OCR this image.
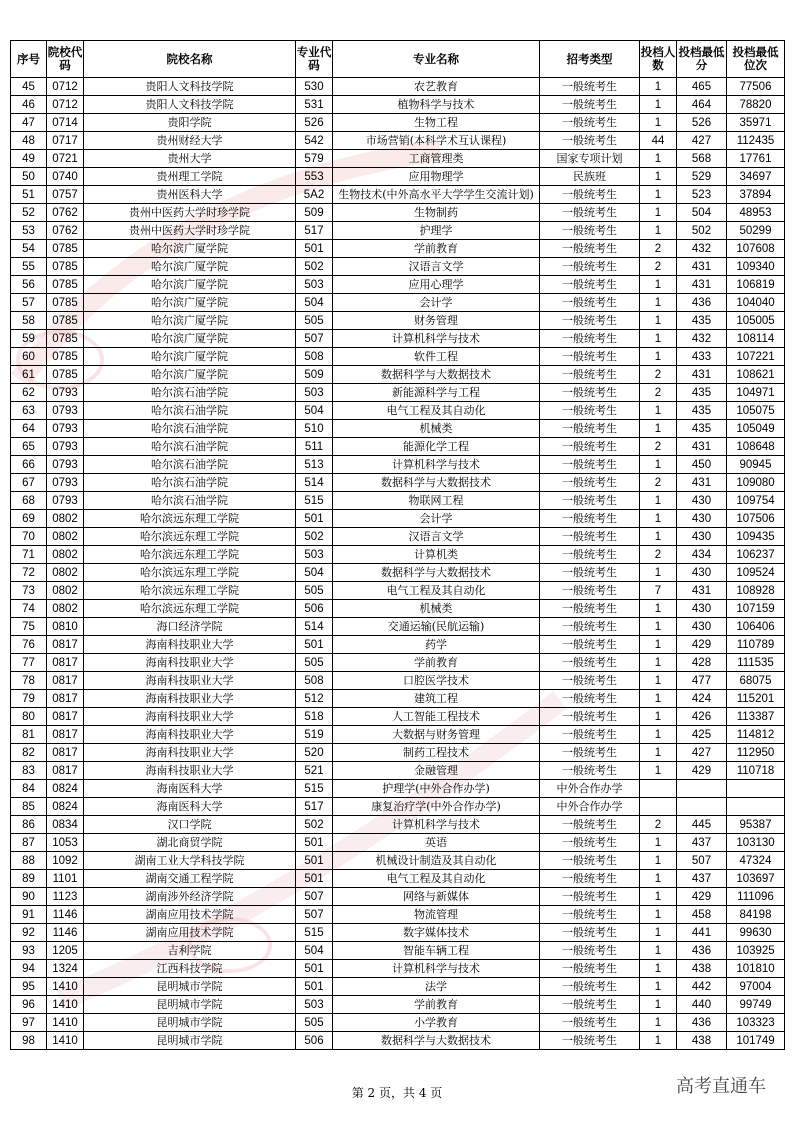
序号	院校代码	院校名称	专业代码	专业名称	招考类型	投档人数	投档最低分	投档最低位次
45	0712	贵阳人文科技学院	530	农艺教育	一般统考生	1	465	77506
46	0712	贵阳人文科技学院	531	植物科学与技术	一般统考生	1	464	78820
47	0714	贵阳学院	526	生物工程	一般统考生	1	526	35971
48	0717	贵州财经大学	542	市场营销(本科学术互认课程)	一般统考生	44	427	112435
49	0721	贵州大学	579	工商管理类	国家专项计划	1	568	17761
50	0740	贵州理工学院	553	应用物理学	民族班	1	529	34697
51	0757	贵州医科大学	5A2	生物技术(中外高水平大学学生交流计划)	一般统考生	1	523	37894
52	0762	贵州中医药大学时珍学院	509	生物制药	一般统考生	1	504	48953
53	0762	贵州中医药大学时珍学院	517	护理学	一般统考生	1	502	50299
54	0785	哈尔滨广厦学院	501	学前教育	一般统考生	2	432	107608
55	0785	哈尔滨广厦学院	502	汉语言文学	一般统考生	2	431	109340
56	0785	哈尔滨广厦学院	503	应用心理学	一般统考生	1	431	106819
57	0785	哈尔滨广厦学院	504	会计学	一般统考生	1	436	104040
58	0785	哈尔滨广厦学院	505	财务管理	一般统考生	1	435	105005
59	0785	哈尔滨广厦学院	507	计算机科学与技术	一般统考生	1	432	108114
60	0785	哈尔滨广厦学院	508	软件工程	一般统考生	1	433	107221
61	0785	哈尔滨广厦学院	509	数据科学与大数据技术	一般统考生	2	431	108621
62	0793	哈尔滨石油学院	503	新能源科学与工程	一般统考生	2	435	104971
63	0793	哈尔滨石油学院	504	电气工程及其自动化	一般统考生	1	435	105075
64	0793	哈尔滨石油学院	510	机械类	一般统考生	1	435	105049
65	0793	哈尔滨石油学院	511	能源化学工程	一般统考生	2	431	108648
66	0793	哈尔滨石油学院	513	计算机科学与技术	一般统考生	1	450	90945
67	0793	哈尔滨石油学院	514	数据科学与大数据技术	一般统考生	2	431	109080
68	0793	哈尔滨石油学院	515	物联网工程	一般统考生	1	430	109754
69	0802	哈尔滨远东理工学院	501	会计学	一般统考生	1	430	107506
70	0802	哈尔滨远东理工学院	502	汉语言文学	一般统考生	1	430	109435
71	0802	哈尔滨远东理工学院	503	计算机类	一般统考生	2	434	106237
72	0802	哈尔滨远东理工学院	504	数据科学与大数据技术	一般统考生	1	430	109524
73	0802	哈尔滨远东理工学院	505	电气工程及其自动化	一般统考生	7	431	108928
74	0802	哈尔滨远东理工学院	506	机械类	一般统考生	1	430	107159
75	0810	海口经济学院	514	交通运输(民航运输)	一般统考生	1	430	106406
76	0817	海南科技职业大学	501	药学	一般统考生	1	429	110789
77	0817	海南科技职业大学	505	学前教育	一般统考生	1	428	111535
78	0817	海南科技职业大学	508	口腔医学技术	一般统考生	1	477	68075
79	0817	海南科技职业大学	512	建筑工程	一般统考生	1	424	115201
80	0817	海南科技职业大学	518	人工智能工程技术	一般统考生	1	426	113387
81	0817	海南科技职业大学	519	大数据与财务管理	一般统考生	1	425	114812
82	0817	海南科技职业大学	520	制药工程技术	一般统考生	1	427	112950
83	0817	海南科技职业大学	521	金融管理	一般统考生	1	429	110718
84	0824	海南医科大学	515	护理学(中外合作办学)	中外合作办学			
85	0824	海南医科大学	517	康复治疗学(中外合作办学)	中外合作办学			
86	0834	汉口学院	502	计算机科学与技术	一般统考生	2	445	95387
87	1053	湖北商贸学院	501	英语	一般统考生	1	437	103130
88	1092	湖南工业大学科技学院	501	机械设计制造及其自动化	一般统考生	1	507	47324
89	1101	湖南交通工程学院	501	电气工程及其自动化	一般统考生	1	437	103697
90	1123	湖南涉外经济学院	507	网络与新媒体	一般统考生	1	429	111096
91	1146	湖南应用技术学院	507	物流管理	一般统考生	1	458	84198
92	1146	湖南应用技术学院	515	数字媒体技术	一般统考生	1	441	99630
93	1205	吉利学院	504	智能车辆工程	一般统考生	1	436	103925
94	1324	江西科技学院	501	计算机科学与技术	一般统考生	1	438	101810
95	1410	昆明城市学院	501	法学	一般统考生	1	442	97004
96	1410	昆明城市学院	503	学前教育	一般统考生	1	440	99749
97	1410	昆明城市学院	505	小学教育	一般统考生	1	436	103323
98	1410	昆明城市学院	506	数据科学与大数据技术	一般统考生	1	438	101749
第 2 页，共 4 页	高考直通车
